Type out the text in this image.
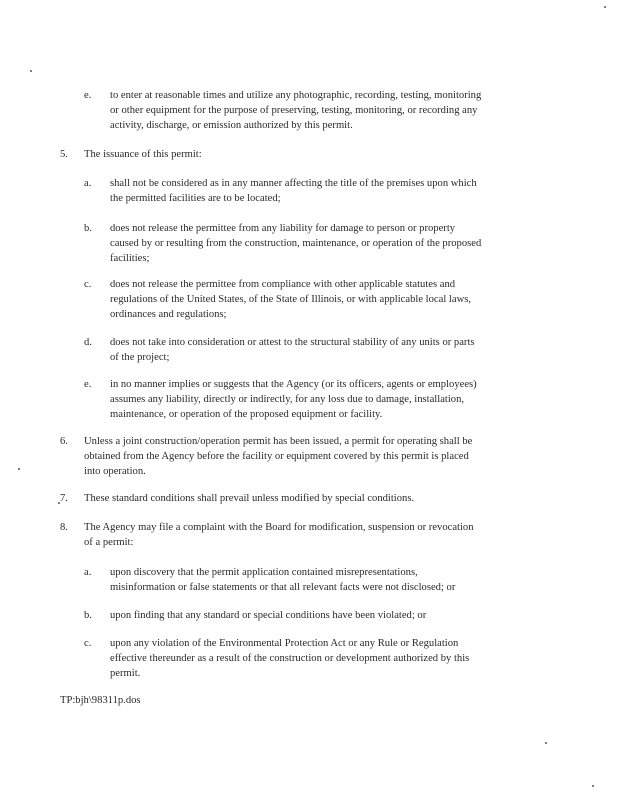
e. to enter at reasonable times and utilize any photographic, recording, testing, monitoring
or other equipment for the purpose of preserving, testing, monitoring, or recording any
activity, discharge, or emission authorized by this permit.
5. The issuance of this permit:
a. shall not be considered as in any manner affecting the title of the premises upon which
the permitted facilities are to be located;
b. does not release the permittee from any liability for damage to person or property
caused by or resulting from the construction, maintenance, or operation of the proposed
facilities;
c. does not release the permittee from compliance with other applicable statutes and
regulations of the United States, of the State of Illinois, or with applicable local laws,
ordinances and regulations;
d. does not take into consideration or attest to the structural stability of any units or parts
of the project;
e. in no manner implies or suggests that the Agency (or its officers, agents or employees)
assumes any liability, directly or indirectly, for any loss due to damage, installation,
maintenance, or operation of the proposed equipment or facility.
6. Unless a joint construction/operation permit has been issued, a permit for operating shall be
obtained from the Agency before the facility or equipment covered by this permit is placed
into operation.
7. These standard conditions shall prevail unless modified by special conditions.
8. The Agency may file a complaint with the Board for modification, suspension or revocation
of a permit:
a. upon discovery that the permit application contained misrepresentations,
misinformation or false statements or that all relevant facts were not disclosed; or
b. upon finding that any standard or special conditions have been violated; or
c. upon any violation of the Environmental Protection Act or any Rule or Regulation
effective thereunder as a result of the construction or development authorized by this
permit.
TP:bjh\98311p.dos
